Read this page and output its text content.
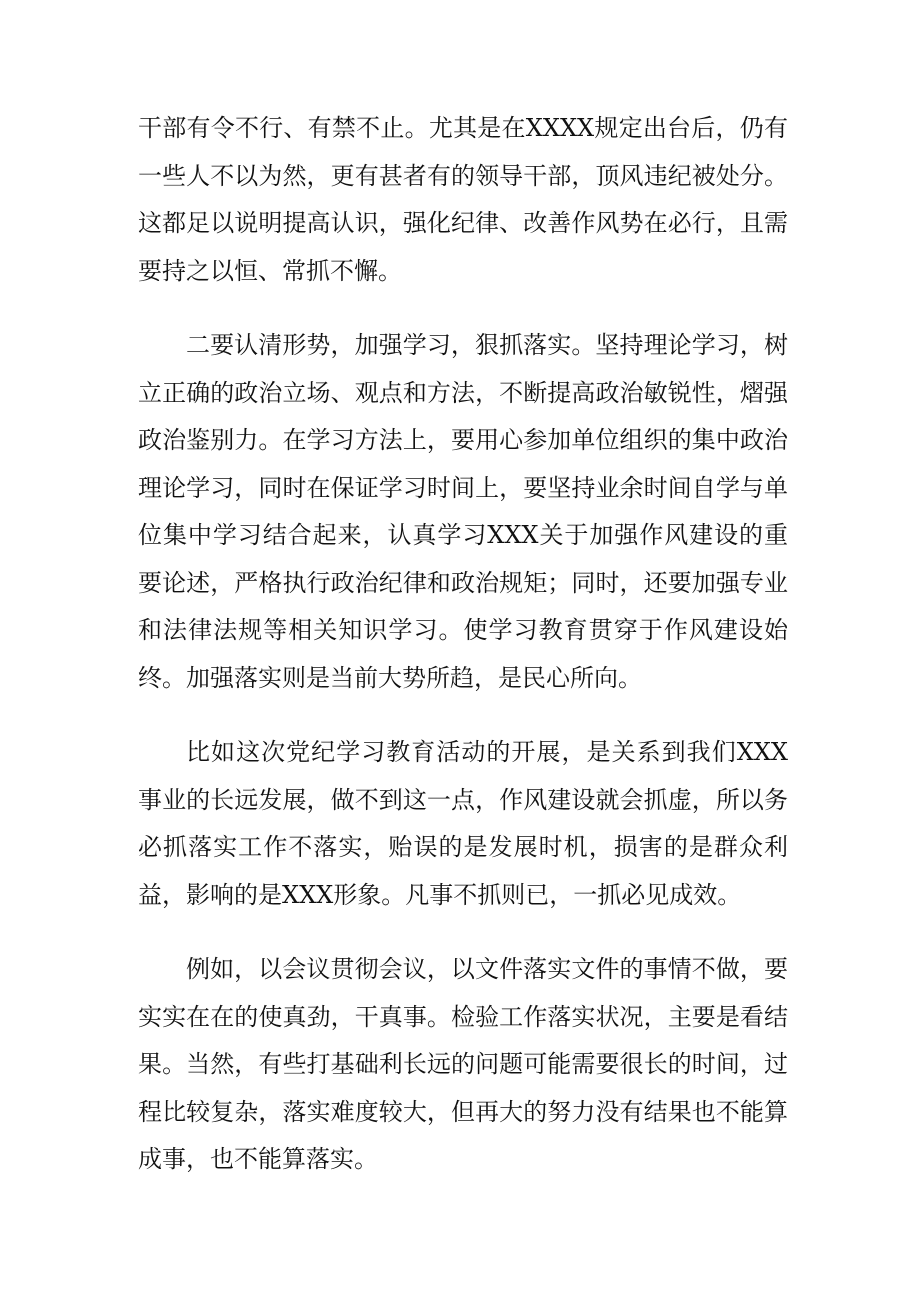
干部有令不行、有禁不止。尤其是在XXXX规定出台后，仍有一些人不以为然，更有甚者有的领导干部，顶风违纪被处分。这都足以说明提高认识，强化纪律、改善作风势在必行，且需要持之以恒、常抓不懈。

二要认清形势，加强学习，狠抓落实。坚持理论学习，树立正确的政治立场、观点和方法，不断提高政治敏锐性，熠强政治鉴别力。在学习方法上，要用心参加单位组织的集中政治理论学习，同时在保证学习时间上，要坚持业余时间自学与单位集中学习结合起来，认真学习XXX关于加强作风建设的重要论述，严格执行政治纪律和政治规矩；同时，还要加强专业和法律法规等相关知识学习。使学习教育贯穿于作风建设始终。加强落实则是当前大势所趋，是民心所向。

比如这次党纪学习教育活动的开展，是关系到我们XXX事业的长远发展，做不到这一点，作风建设就会抓虚，所以务必抓落实工作不落实，贻误的是发展时机，损害的是群众利益，影响的是XXX形象。凡事不抓则已，一抓必见成效。

例如，以会议贯彻会议，以文件落实文件的事情不做，要实实在在的使真劲，干真事。检验工作落实状况，主要是看结果。当然，有些打基础利长远的问题可能需要很长的时间，过程比较复杂，落实难度较大，但再大的努力没有结果也不能算成事，也不能算落实。
